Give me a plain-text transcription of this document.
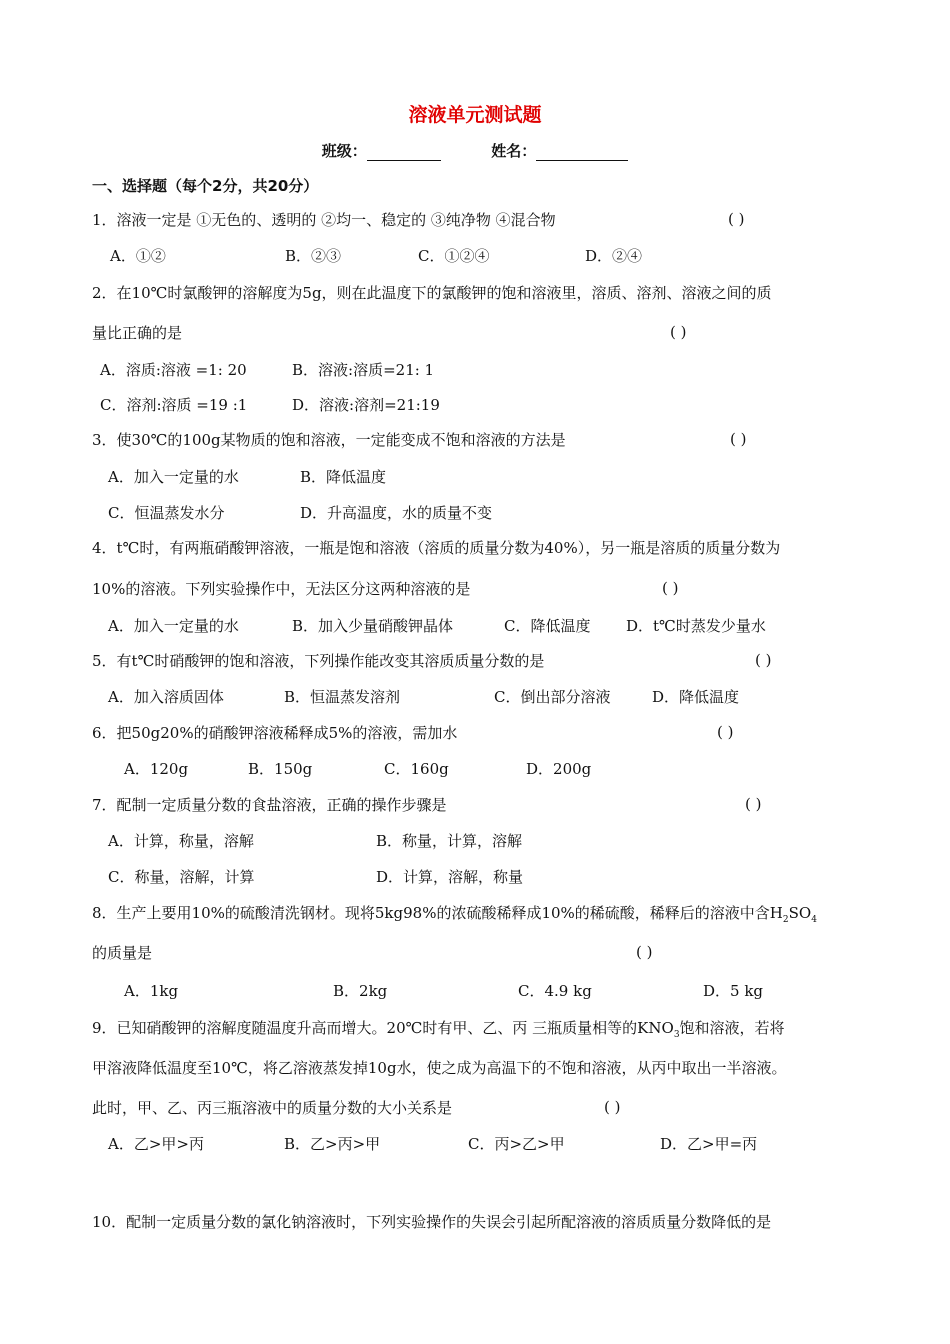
溶液单元测试题
班级：	姓名：
一、选择题（每个2分，共20分）
1．溶液一定是 ①无色的、透明的 ②均一、稳定的 ③纯净物 ④混合物	( )
A．①②	B．②③	C．①②④	D．②④
2．在10℃时氯酸钾的溶解度为5g，则在此温度下的氯酸钾的饱和溶液里，溶质、溶剂、溶液之间的质
量比正确的是	( )
A．溶质:溶液 =1: 20	B．溶液:溶质=21: 1
C．溶剂:溶质 =19 :1	D．溶液:溶剂=21:19
3．使30℃的100g某物质的饱和溶液，一定能变成不饱和溶液的方法是	( )
A．加入一定量的水	B．降低温度
C．恒温蒸发水分	D．升高温度，水的质量不变
4．t℃时，有两瓶硝酸钾溶液，一瓶是饱和溶液（溶质的质量分数为40%），另一瓶是溶质的质量分数为
10%的溶液。下列实验操作中，无法区分这两种溶液的是	( )
A．加入一定量的水	B．加入少量硝酸钾晶体	C．降低温度 D．t℃时蒸发少量水
5．有t℃时硝酸钾的饱和溶液，下列操作能改变其溶质质量分数的是	( )
A．加入溶质固体	B．恒温蒸发溶剂	C．倒出部分溶液	D．降低温度
6．把50g20%的硝酸钾溶液稀释成5%的溶液，需加水	( )
A．120g	B．150g	C．160g	D．200g
7．配制一定质量分数的食盐溶液，正确的操作步骤是	( )
A．计算，称量，溶解	B．称量，计算，溶解
C．称量，溶解，计算	D．计算，溶解，称量
8．生产上要用10%的硫酸清洗钢材。现将5kg98%的浓硫酸稀释成10%的稀硫酸，稀释后的溶液中含$H_2SO_4$
的质量是	( )
A．1kg	B．2kg	C．4.9 kg	D．5 kg
9．已知硝酸钾的溶解度随温度升高而增大。20℃时有甲、乙、丙 三瓶质量相等的$KNO_3$饱和溶液，若将
甲溶液降低温度至10℃，将乙溶液蒸发掉10g水，使之成为高温下的不饱和溶液，从丙中取出一半溶液。
此时，甲、乙、丙三瓶溶液中的质量分数的大小关系是	( )
A．乙>甲>丙	B．乙>丙>甲	C．丙>乙>甲	D．乙>甲=丙
10．配制一定质量分数的氯化钠溶液时，下列实验操作的失误会引起所配溶液的溶质质量分数降低的是
